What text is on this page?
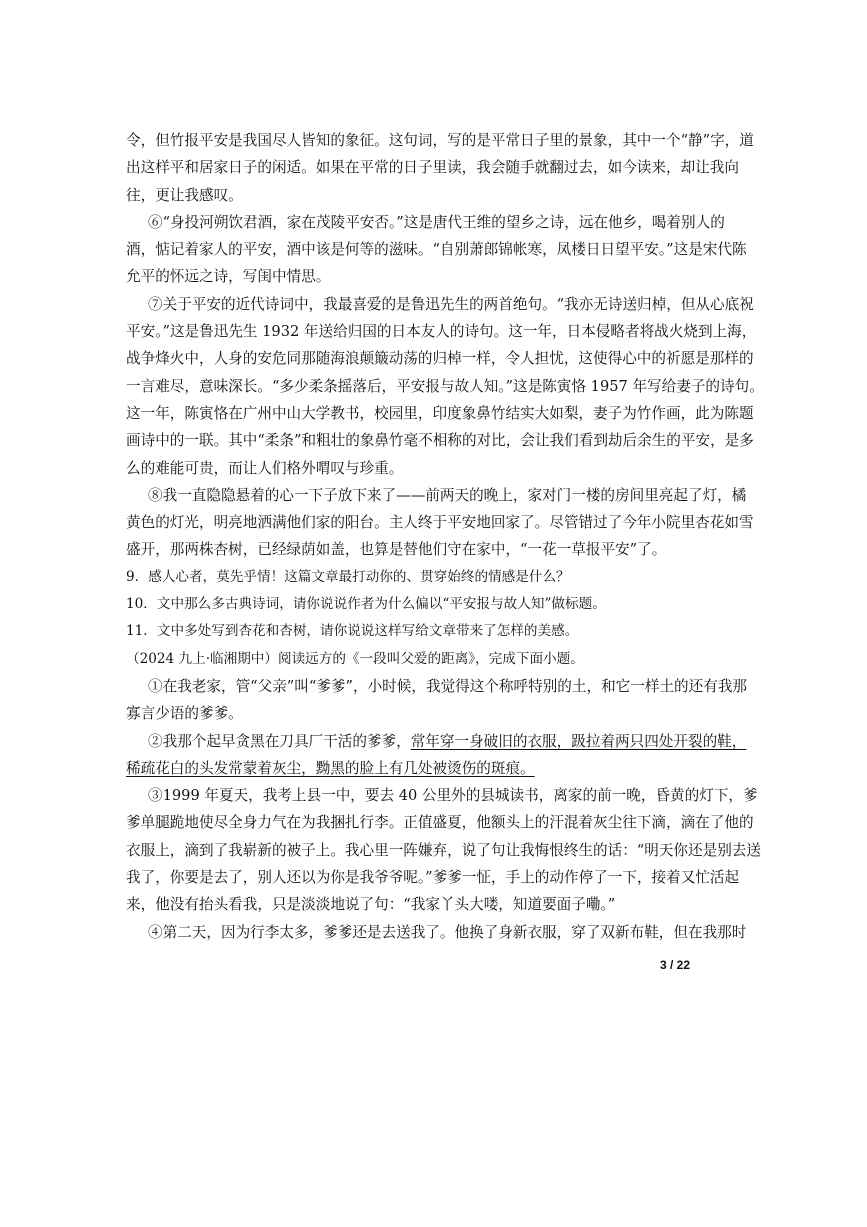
令，但竹报平安是我国尽人皆知的象征。这句词，写的是平常日子里的景象，其中一个“静”字，道
出这样平和居家日子的闲适。如果在平常的日子里读，我会随手就翻过去，如今读来，却让我向
往，更让我感叹。
⑥“身投河朔饮君酒，家在茂陵平安否。”这是唐代王维的望乡之诗，远在他乡，喝着别人的
酒，惦记着家人的平安，酒中该是何等的滋味。“自别萧郎锦帐寒，凤楼日日望平安。”这是宋代陈
允平的怀远之诗，写闺中情思。
⑦关于平安的近代诗词中，我最喜爱的是鲁迅先生的两首绝句。“我亦无诗送归棹，但从心底祝
平安。”这是鲁迅先生 1932 年送给归国的日本友人的诗句。这一年，日本侵略者将战火烧到上海，
战争烽火中，人身的安危同那随海浪颠簸动荡的归棹一样，令人担忧，这使得心中的祈愿是那样的
一言难尽，意味深长。“多少柔条摇落后，平安报与故人知。”这是陈寅恪 1957 年写给妻子的诗句。
这一年，陈寅恪在广州中山大学教书，校园里，印度象鼻竹结实大如梨，妻子为竹作画，此为陈题
画诗中的一联。其中“柔条”和粗壮的象鼻竹毫不相称的对比，会让我们看到劫后余生的平安，是多
么的难能可贵，而让人们格外喟叹与珍重。
⑧我一直隐隐悬着的心一下子放下来了——前两天的晚上，家对门一楼的房间里亮起了灯，橘
黄色的灯光，明亮地洒满他们家的阳台。主人终于平安地回家了。尽管错过了今年小院里杏花如雪
盛开，那两株杏树，已经绿荫如盖，也算是替他们守在家中，“一花一草报平安”了。
9．感人心者，莫先乎情！这篇文章最打动你的、贯穿始终的情感是什么？
10．文中那么多古典诗词，请你说说作者为什么偏以“平安报与故人知”做标题。
11．文中多处写到杏花和杏树，请你说说这样写给文章带来了怎样的美感。
（2024 九上·临湘期中）阅读远方的《一段叫父爱的距离》，完成下面小题。
①在我老家，管“父亲”叫“爹爹”，小时候，我觉得这个称呼特别的土，和它一样土的还有我那
寡言少语的爹爹。
②我那个起早贪黑在刀具厂干活的爹爹，常年穿一身破旧的衣服，趿拉着两只四处开裂的鞋，
稀疏花白的头发常蒙着灰尘，黝黑的脸上有几处被烫伤的斑痕。
③1999 年夏天，我考上县一中，要去 40 公里外的县城读书，离家的前一晚，昏黄的灯下，爹
爹单腿跪地使尽全身力气在为我捆扎行李。正值盛夏，他额头上的汗混着灰尘往下滴，滴在了他的
衣服上，滴到了我崭新的被子上。我心里一阵嫌弃，说了句让我悔恨终生的话：“明天你还是别去送
我了，你要是去了，别人还以为你是我爷爷呢。”爹爹一怔，手上的动作停了一下，接着又忙活起
来，他没有抬头看我，只是淡淡地说了句：“我家丫头大喽，知道要面子嘞。”
④第二天，因为行李太多，爹爹还是去送我了。他换了身新衣服，穿了双新布鞋，但在我那时
3 / 22
